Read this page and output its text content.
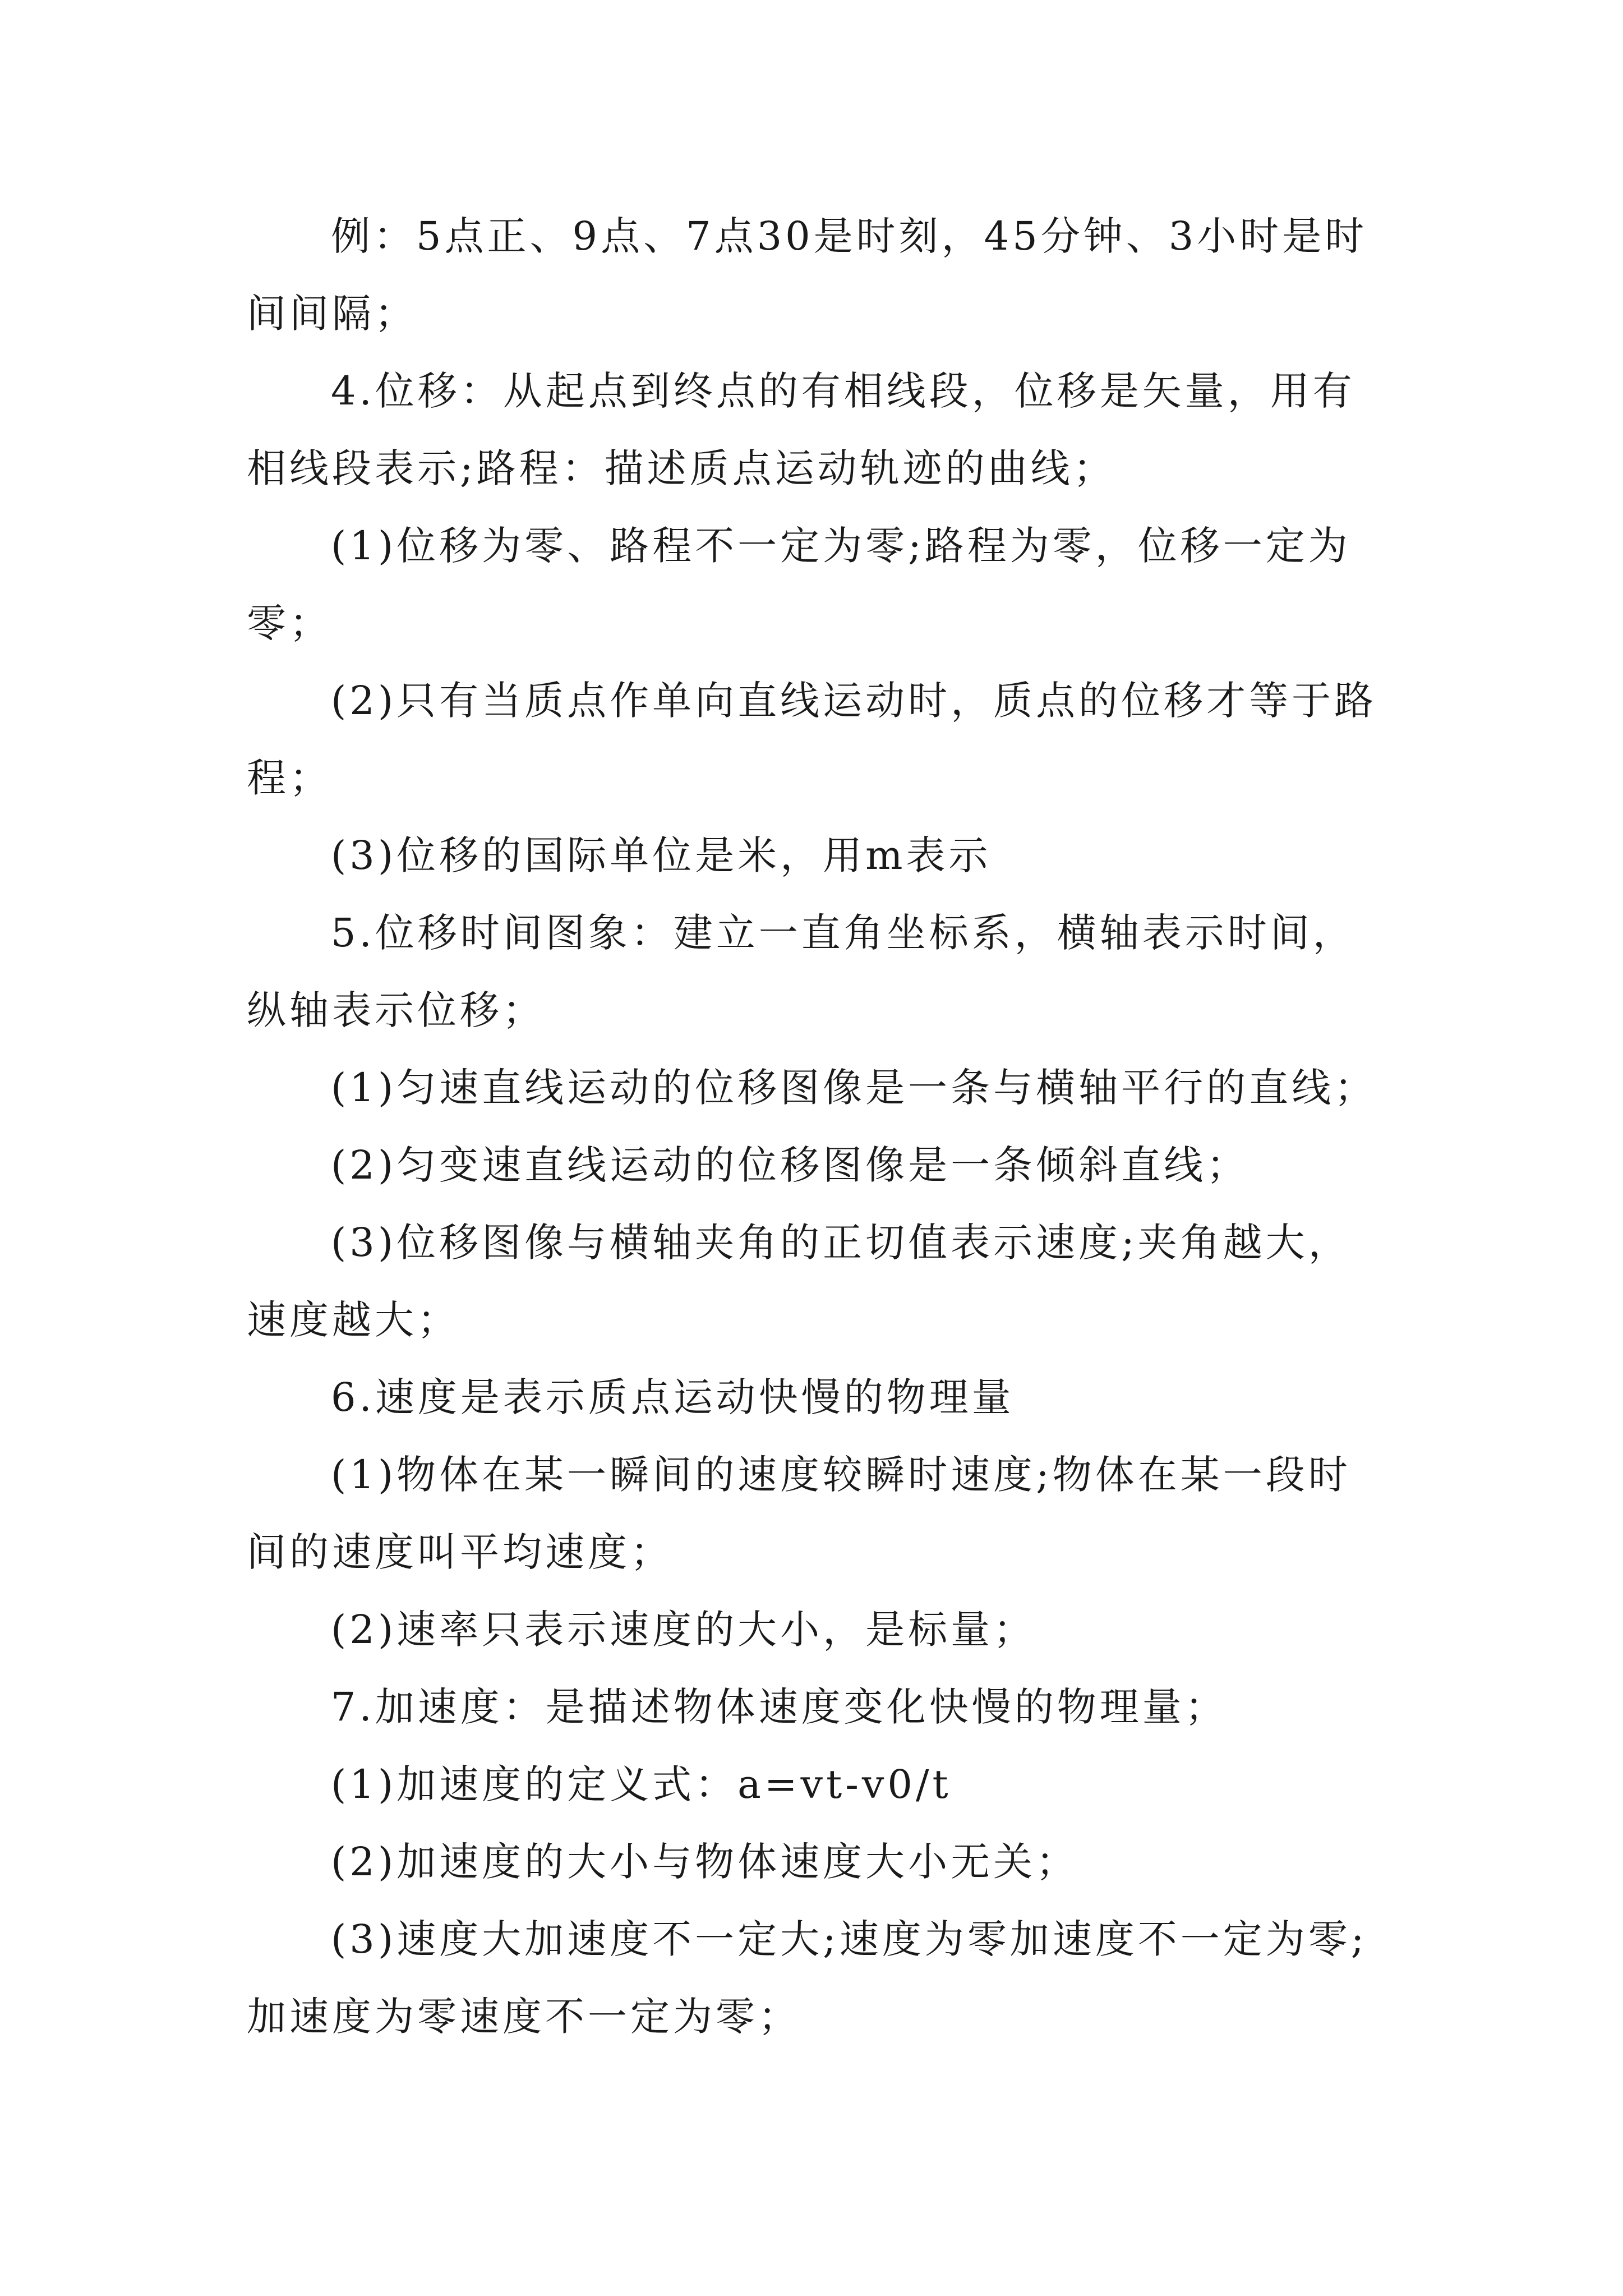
例：5点正、9点、7点30是时刻，45分钟、3小时是时间间隔；

4.位移：从起点到终点的有相线段，位移是矢量，用有相线段表示;路程：描述质点运动轨迹的曲线；

(1)位移为零、路程不一定为零;路程为零，位移一定为零；

(2)只有当质点作单向直线运动时，质点的位移才等于路程；

(3)位移的国际单位是米，用m表示

5.位移时间图象：建立一直角坐标系，横轴表示时间，纵轴表示位移；

(1)匀速直线运动的位移图像是一条与横轴平行的直线；

(2)匀变速直线运动的位移图像是一条倾斜直线；

(3)位移图像与横轴夹角的正切值表示速度;夹角越大，速度越大；

6.速度是表示质点运动快慢的物理量

(1)物体在某一瞬间的速度较瞬时速度;物体在某一段时间的速度叫平均速度；

(2)速率只表示速度的大小，是标量；

7.加速度：是描述物体速度变化快慢的物理量；

(1)加速度的定义式：a=vt-v0/t

(2)加速度的大小与物体速度大小无关；

(3)速度大加速度不一定大;速度为零加速度不一定为零;加速度为零速度不一定为零；
